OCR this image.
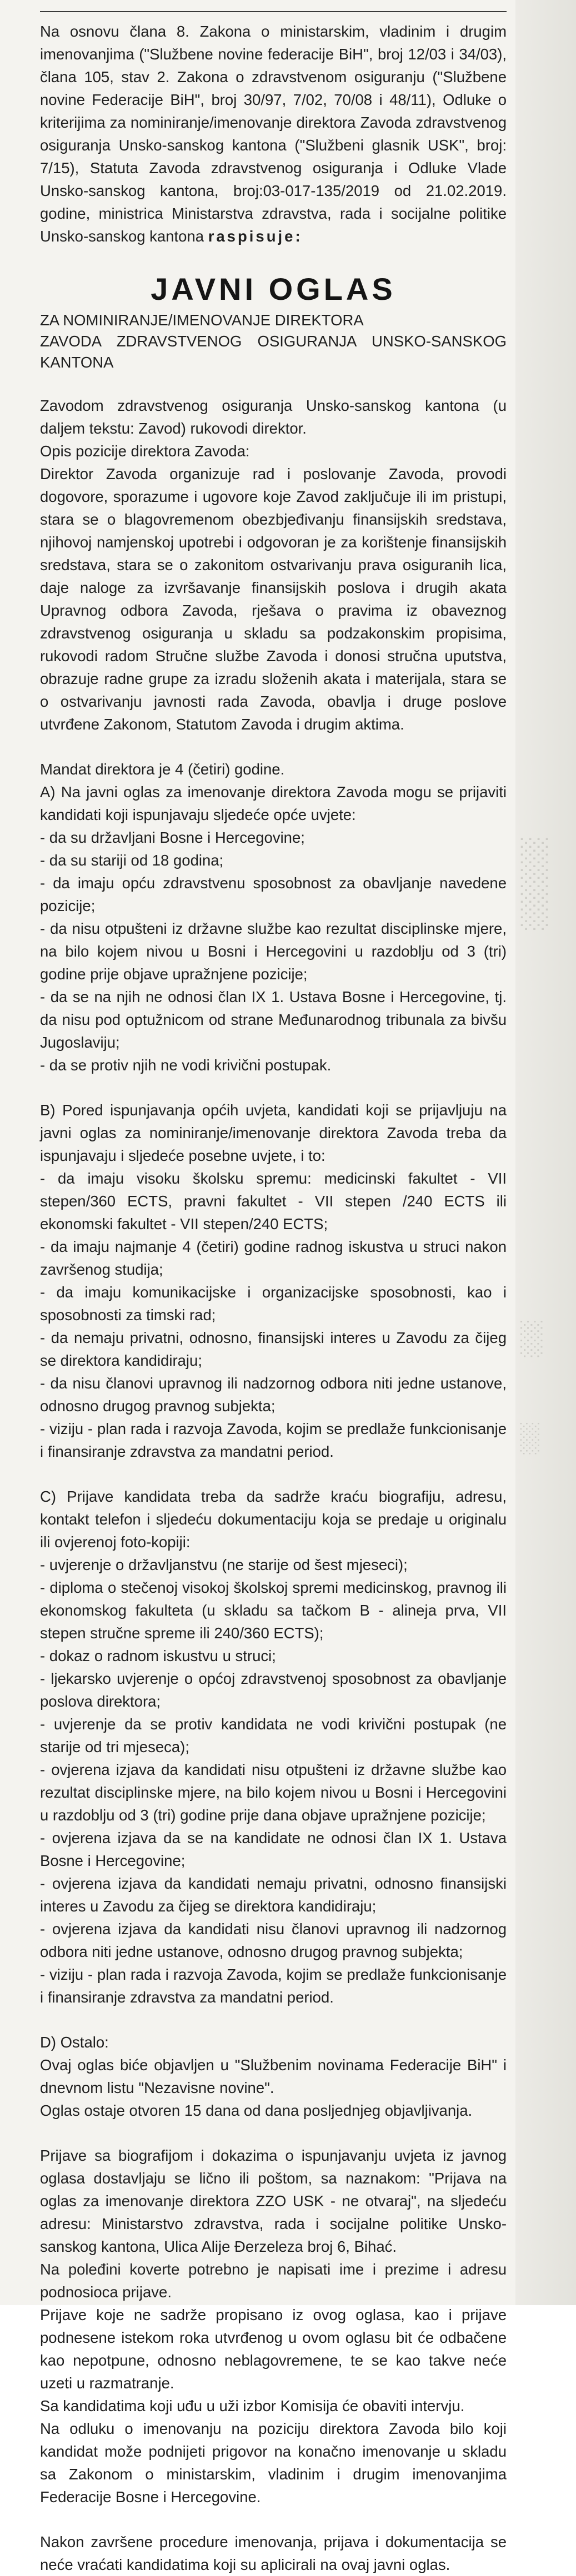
░
░
░
░

Na osnovu člana 8. Zakona o ministarskim, vladinim i drugim imenovanjima ("Službene novine federacije BiH", broj 12/03 i 34/03), člana 105, stav 2. Zakona o zdravstvenom osiguranju ("Službene novine Federacije BiH", broj 30/97, 7/02, 70/08 i 48/11), Odluke o kriterijima za nominiranje/imenovanje direktora Zavoda zdravstvenog osiguranja Unsko-sanskog kantona ("Službeni glasnik USK", broj: 7/15), Statuta Zavoda zdravstvenog osiguranja i Odluke Vlade Unsko-sanskog kantona, broj:03-017-135/2019 od 21.02.2019. godine, ministrica Ministarstva zdravstva, rada i socijalne politike Unsko-sanskog kantona raspisuje:

JAVNI OGLAS

ZA NOMINIRANJE/IMENOVANJE DIREKTORA

ZAVODA ZDRAVSTVENOG OSIGURANJA UNSKO-SANSKOG KANTONA

Zavodom zdravstvenog osiguranja Unsko-sanskog kantona (u daljem tekstu: Zavod) rukovodi direktor.

Opis pozicije direktora Zavoda:

Direktor Zavoda organizuje rad i poslovanje Zavoda, provodi dogovore, sporazume i ugovore koje Zavod zaključuje ili im pristupi, stara se o blagovremenom obezbjeđivanju finansijskih sredstava, njihovoj namjenskoj upotrebi i odgovoran je za korištenje finansijskih sredstava, stara se o zakonitom ostvarivanju prava osiguranih lica, daje naloge za izvršavanje finansijskih poslova i drugih akata Upravnog odbora Zavoda, rješava o pravima iz obaveznog zdravstvenog osiguranja u skladu sa podzakonskim propisima, rukovodi radom Stručne službe Zavoda i donosi stručna uputstva, obrazuje radne grupe za izradu složenih akata i materijala, stara se o ostvarivanju javnosti rada Zavoda, obavlja i druge poslove utvrđene Zakonom, Statutom Zavoda i drugim aktima.

Mandat direktora je 4 (četiri) godine.

A) Na javni oglas za imenovanje direktora Zavoda mogu se prijaviti kandidati koji ispunjavaju sljedeće opće uvjete:

- da su državljani Bosne i Hercegovine;
- da su stariji od 18 godina;
- da imaju opću zdravstvenu sposobnost za obavljanje navedene pozicije;
- da nisu otpušteni iz državne službe kao rezultat disciplinske mjere, na bilo kojem nivou u Bosni i Hercegovini u razdoblju od 3 (tri) godine prije objave upražnjene pozicije;
- da se na njih ne odnosi član IX 1. Ustava Bosne i Hercegovine, tj. da nisu pod optužnicom od strane Međunarodnog tribunala za bivšu Jugoslaviju;
- da se protiv njih ne vodi krivični postupak.

B) Pored ispunjavanja općih uvjeta, kandidati koji se prijavljuju na javni oglas za nominiranje/imenovanje direktora Zavoda treba da ispunjavaju i sljedeće posebne uvjete, i to:

- da imaju visoku školsku spremu: medicinski fakultet - VII stepen/360 ECTS, pravni fakultet - VII stepen /240 ECTS ili ekonomski fakultet - VII stepen/240 ECTS;
- da imaju najmanje 4 (četiri) godine radnog iskustva u struci nakon završenog studija;
- da imaju komunikacijske i organizacijske sposobnosti, kao i sposobnosti za timski rad;
- da nemaju privatni, odnosno, finansijski interes u Zavodu za čijeg se direktora kandidiraju;
- da nisu članovi upravnog ili nadzornog odbora niti jedne ustanove, odnosno drugog pravnog subjekta;
- viziju - plan rada i razvoja Zavoda, kojim se predlaže funkcionisanje i finansiranje zdravstva za mandatni period.

C) Prijave kandidata treba da sadrže kraću biografiju, adresu, kontakt telefon i sljedeću dokumentaciju koja se predaje u originalu ili ovjerenoj foto-kopiji:

- uvjerenje o državljanstvu (ne starije od šest mjeseci);
- diploma o stečenoj visokoj školskoj spremi medicinskog, pravnog ili ekonomskog fakulteta (u skladu sa tačkom B - alineja prva, VII stepen stručne spreme ili 240/360 ECTS);
- dokaz o radnom iskustvu u struci;
- ljekarsko uvjerenje o općoj zdravstvenoj sposobnost za obavljanje poslova direktora;
- uvjerenje da se protiv kandidata ne vodi krivični postupak (ne starije od tri mjeseca);
- ovjerena izjava da kandidati nisu otpušteni iz državne službe kao rezultat disciplinske mjere, na bilo kojem nivou u Bosni i Hercegovini u razdoblju od 3 (tri) godine prije dana objave upražnjene pozicije;
- ovjerena izjava da se na kandidate ne odnosi član IX 1. Ustava Bosne i Hercegovine;
- ovjerena izjava da kandidati nemaju privatni, odnosno finansijski interes u Zavodu za čijeg se direktora kandidiraju;
- ovjerena izjava da kandidati nisu članovi upravnog ili nadzornog odbora niti jedne ustanove, odnosno drugog pravnog subjekta;
- viziju - plan rada i razvoja Zavoda, kojim se predlaže funkcionisanje i finansiranje zdravstva za mandatni period.

D) Ostalo:

Ovaj oglas biće objavljen u "Službenim novinama Federacije BiH" i dnevnom listu "Nezavisne novine".

Oglas ostaje otvoren 15 dana od dana posljednjeg objavljivanja.

Prijave sa biografijom i dokazima o ispunjavanju uvjeta iz javnog oglasa dostavljaju se lično ili poštom, sa naznakom: "Prijava na oglas za imenovanje direktora ZZO USK - ne otvaraj", na sljedeću adresu: Ministarstvo zdravstva, rada i socijalne politike Unsko-sanskog kantona, Ulica Alije Đerzeleza broj 6, Bihać.

Na poleđini koverte potrebno je napisati ime i prezime i adresu podnosioca prijave.

Prijave koje ne sadrže propisano iz ovog oglasa, kao i prijave podnesene istekom roka utvrđenog u ovom oglasu bit će odbačene kao nepotpune, odnosno neblagovremene, te se kao takve neće uzeti u razmatranje.

Sa kandidatima koji uđu u uži izbor Komisija će obaviti intervju.

Na odluku o imenovanju na poziciju direktora Zavoda bilo koji kandidat može podnijeti prigovor na konačno imenovanje u skladu sa Zakonom o ministarskim, vladinim i drugim imenovanjima Federacije Bosne i Hercegovine.

Nakon završene procedure imenovanja, prijava i dokumentacija se neće vraćati kandidatima koji su aplicirali na ovaj javni oglas.
